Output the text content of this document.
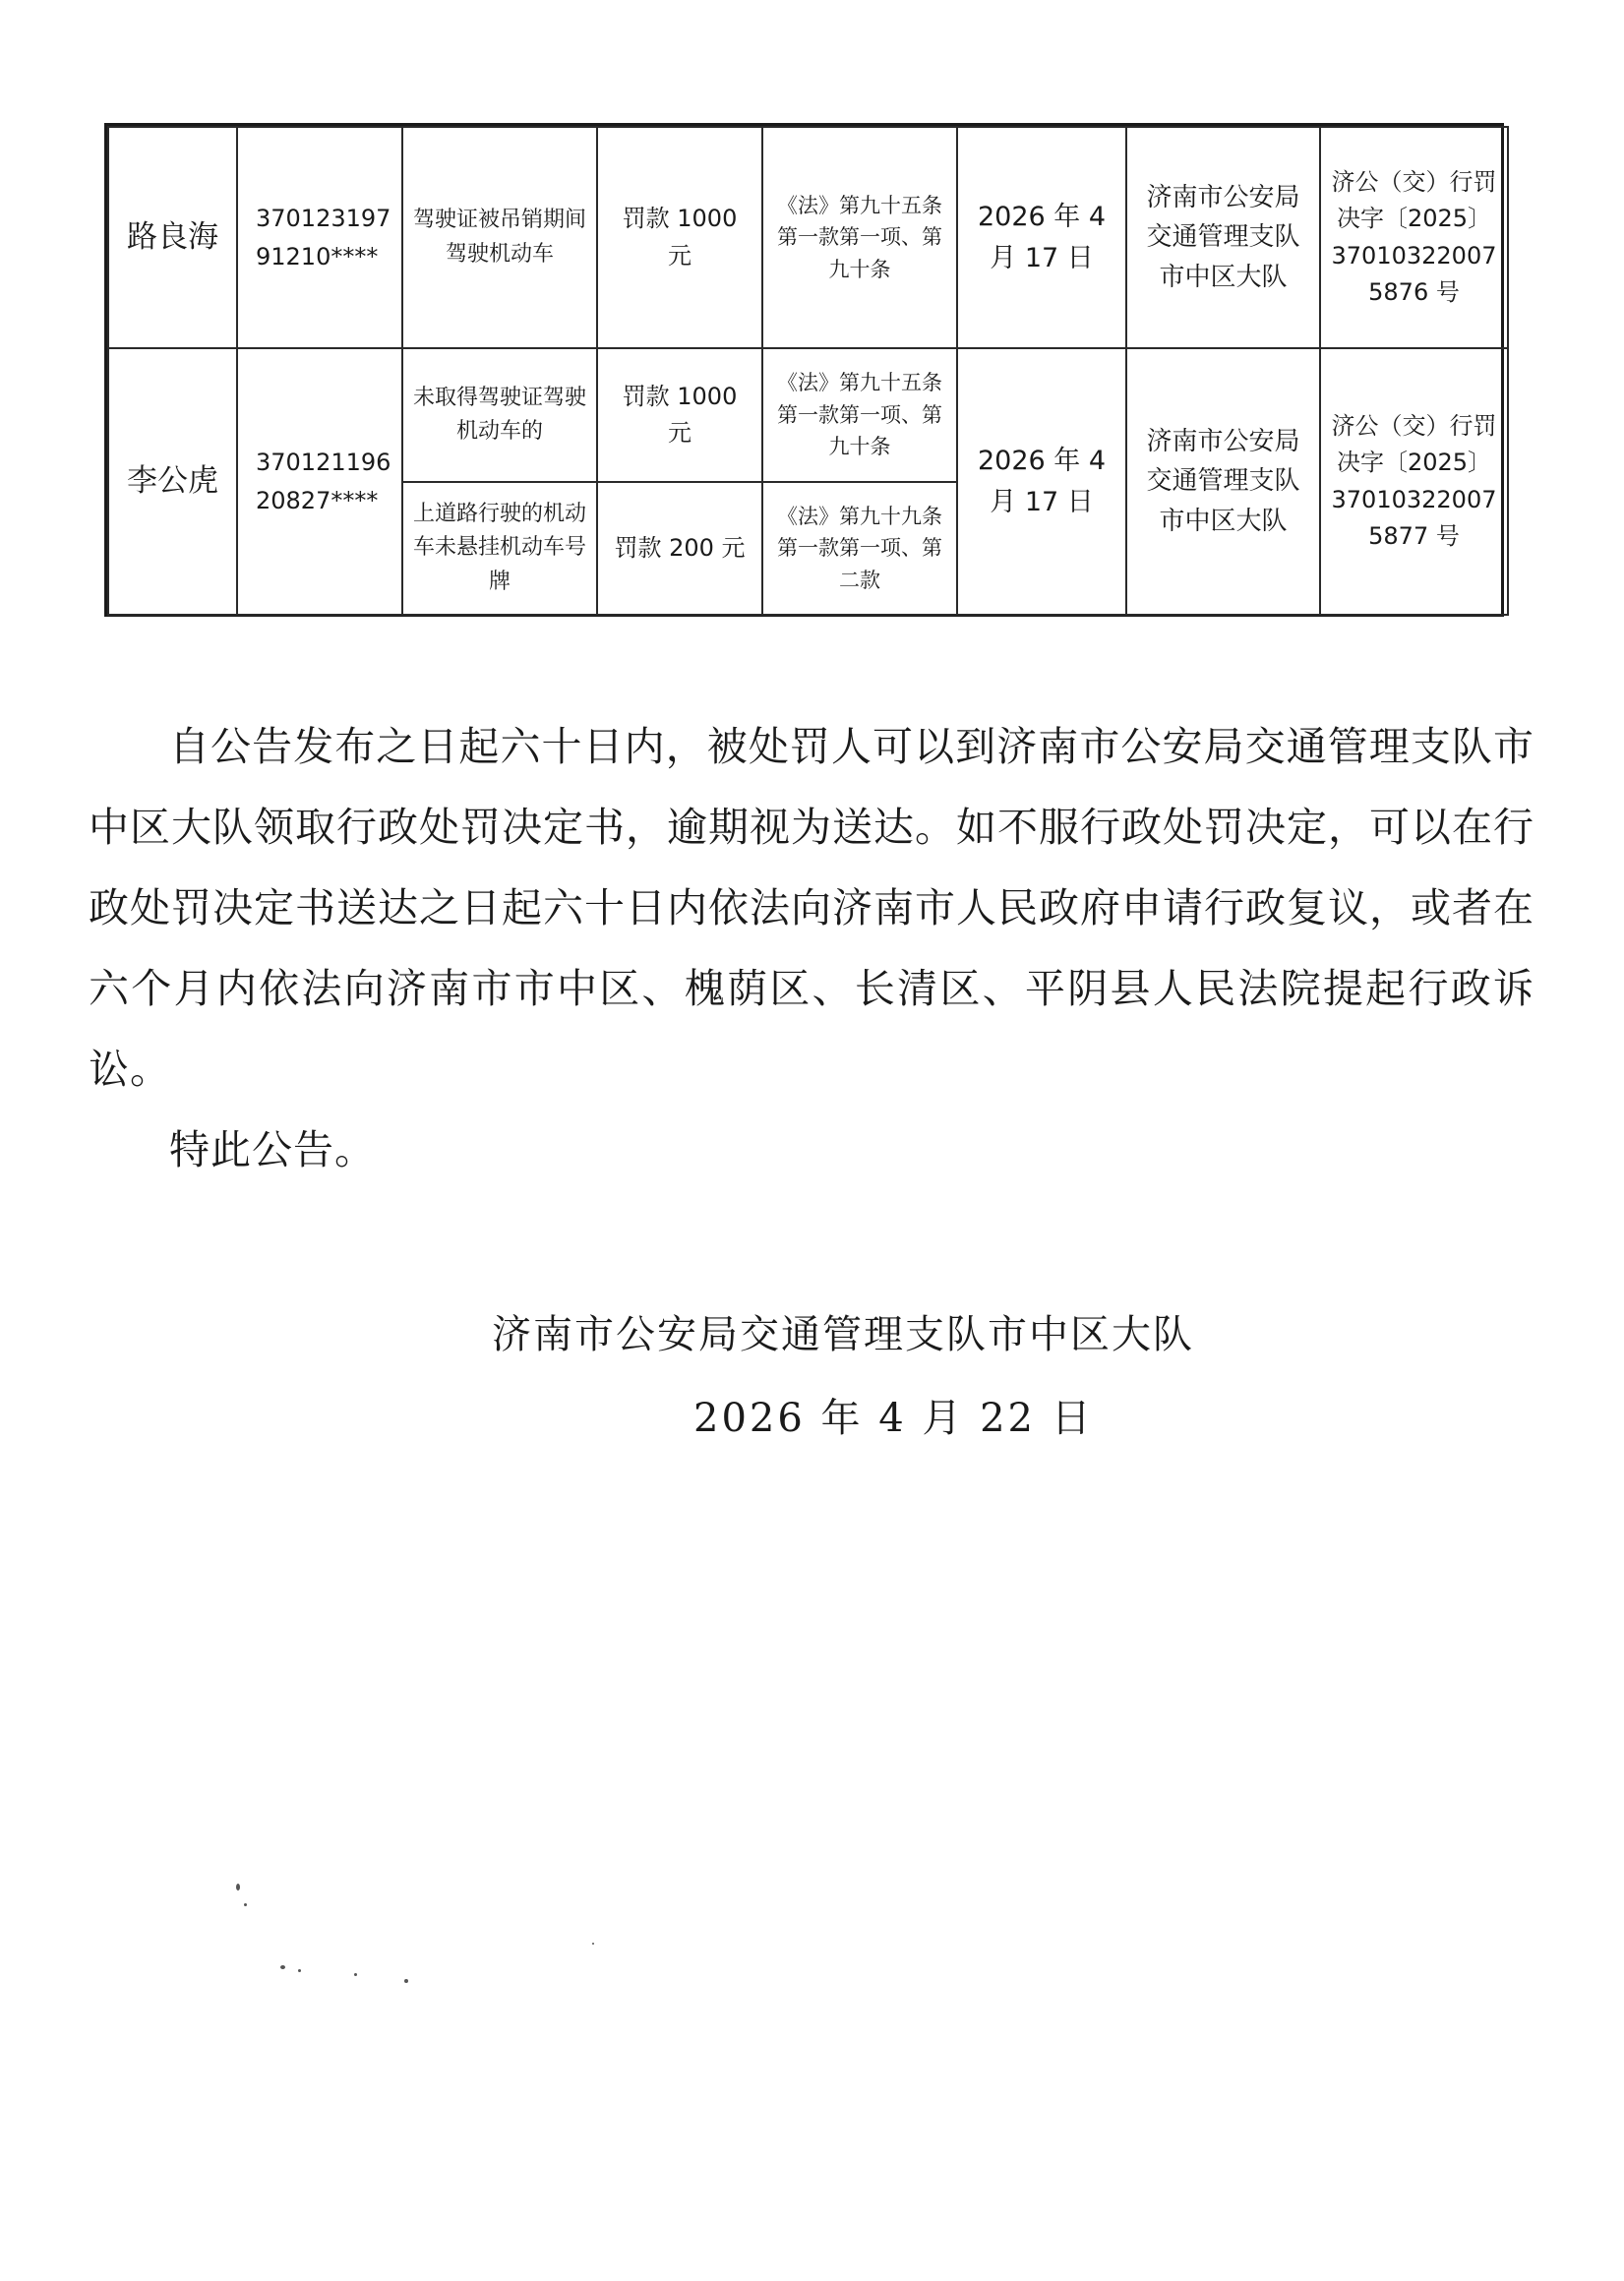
路良海	37012319791210****	驾驶证被吊销期间驾驶机动车	罚款 1000 元	《法》第九十五条第一款第一项、第九十条	2026 年 4 月 17 日	济南市公安局交通管理支队市中区大队	济公（交）行罚决字〔2025〕370103220075876 号
李公虎	37012119620827****	未取得驾驶证驾驶机动车的	罚款 1000 元	《法》第九十五条第一款第一项、第九十条	2026 年 4 月 17 日	济南市公安局交通管理支队市中区大队	济公（交）行罚决字〔2025〕370103220075877 号
		上道路行驶的机动车未悬挂机动车号牌	罚款 200 元	《法》第九十九条第一款第一项、第二款			

自公告发布之日起六十日内，被处罚人可以到济南市公安局交通管理支队市中区大队领取行政处罚决定书，逾期视为送达。如不服行政处罚决定，可以在行政处罚决定书送达之日起六十日内依法向济南市人民政府申请行政复议，或者在六个月内依法向济南市市中区、槐荫区、长清区、平阴县人民法院提起行政诉讼。

特此公告。

济南市公安局交通管理支队市中区大队
2026 年 4 月 22 日
